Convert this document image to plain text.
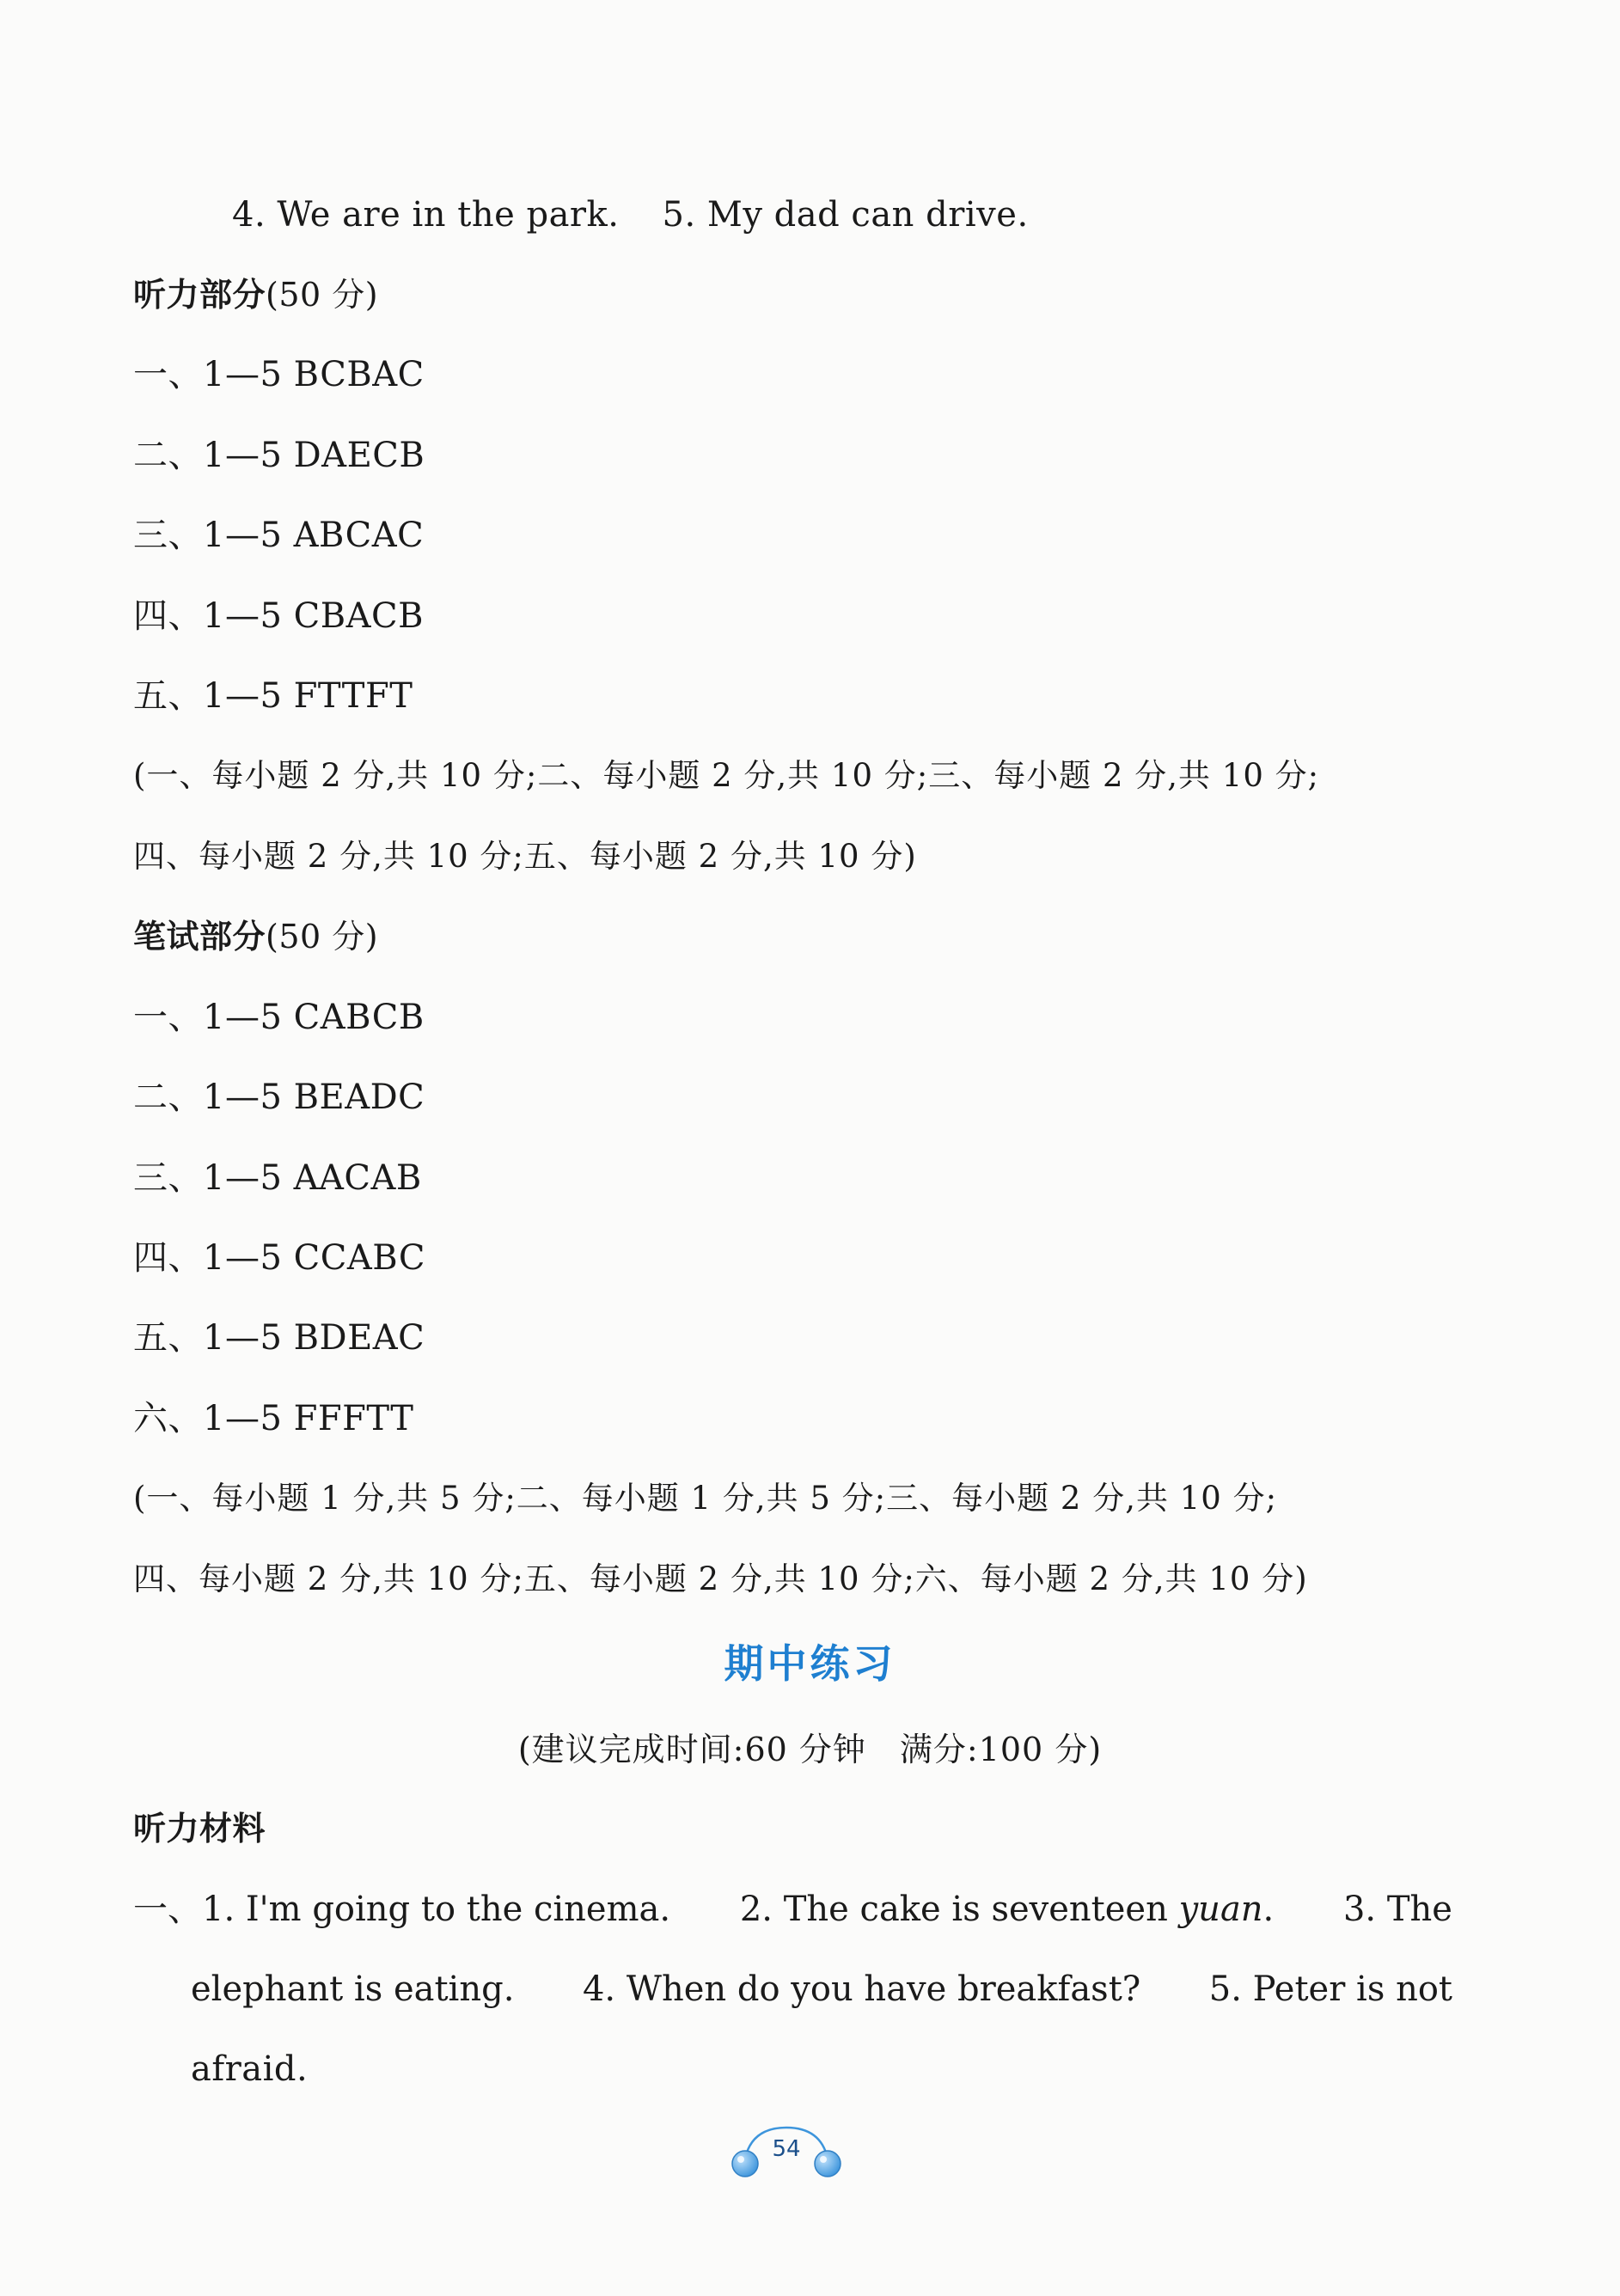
4. We are in the park. 5. My dad can drive.
听力部分(50 分)
一、1—5 BCBAC
二、1—5 DAECB
三、1—5 ABCAC
四、1—5 CBACB
五、1—5 FTTFT
(一、每小题 2 分,共 10 分;二、每小题 2 分,共 10 分;三、每小题 2 分,共 10 分;
四、每小题 2 分,共 10 分;五、每小题 2 分,共 10 分)
笔试部分(50 分)
一、1—5 CABCB
二、1—5 BEADC
三、1—5 AACAB
四、1—5 CCABC
五、1—5 BDEAC
六、1—5 FFFTT
(一、每小题 1 分,共 5 分;二、每小题 1 分,共 5 分;三、每小题 2 分,共 10 分;
四、每小题 2 分,共 10 分;五、每小题 2 分,共 10 分;六、每小题 2 分,共 10 分)
期中练习
(建议完成时间:60 分钟　满分:100 分)
听力材料
一、1. I'm going to the cinema. 2. The cake is seventeen yuan. 3. The
elephant is eating. 4. When do you have breakfast? 5. Peter is not
afraid.
54
